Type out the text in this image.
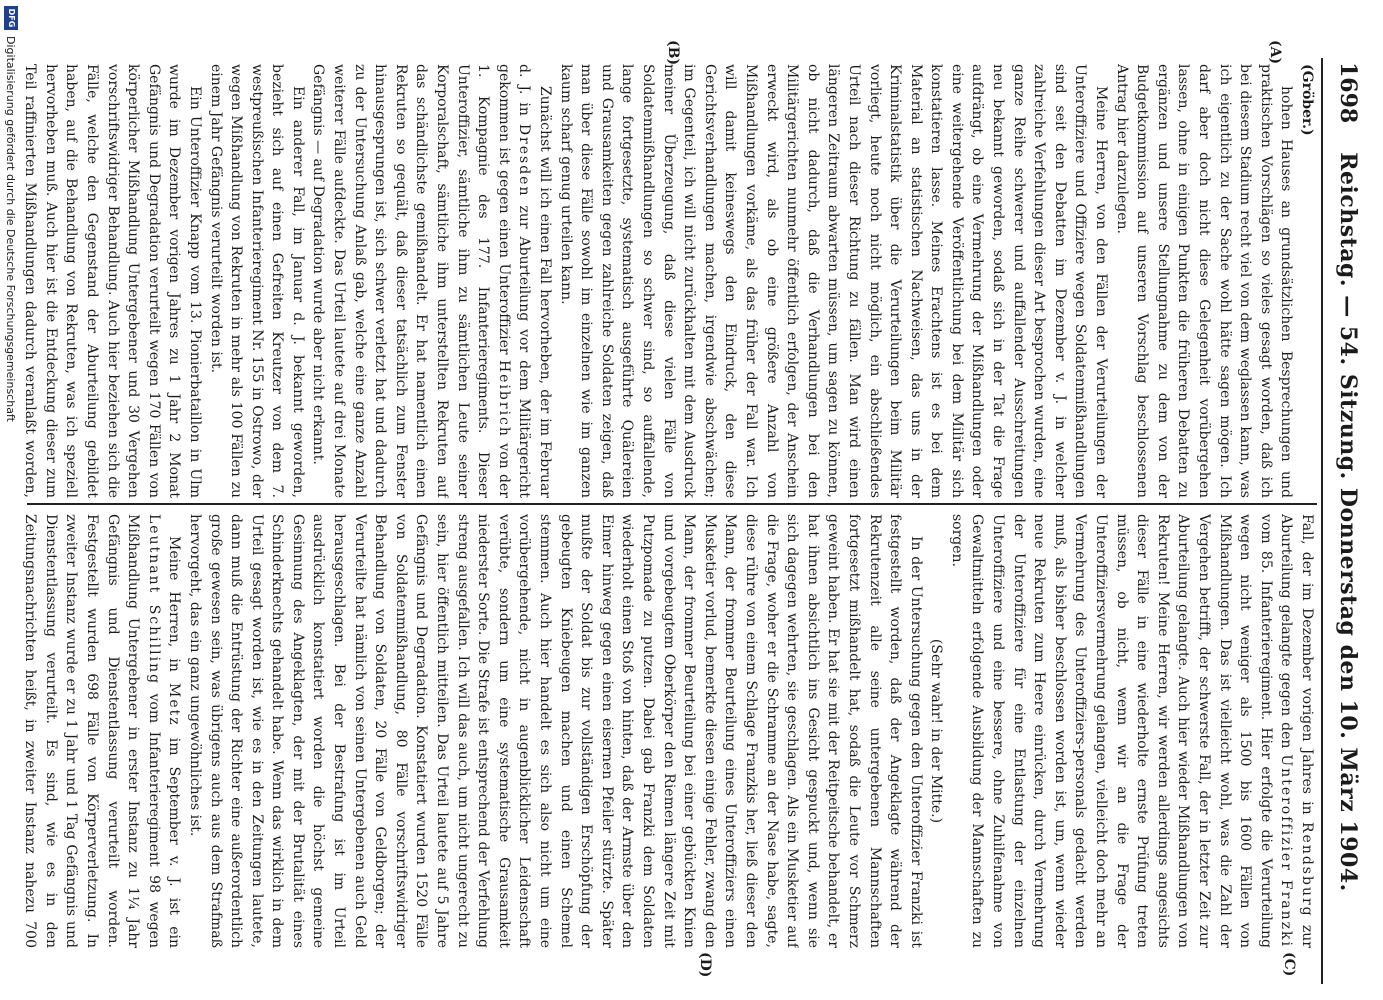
1698
Reichstag. — 54. Sitzung. Donnerstag den 10. März 1904.
(A)
(B)
(C)
(D)

(Gröber.)

hohen Hauses an grundsätzlichen Besprechungen und praktischen Vorschlägen so vieles gesagt worden, daß ich bei diesem Stadium recht viel von dem weglassen kann, was ich eigentlich zu der Sache wohl hätte sagen mögen. Ich darf aber doch nicht diese Gelegenheit vorübergehen lassen, ohne in einigen Punkten die früheren Debatten zu ergänzen und unsere Stellungnahme zu dem von der Budgetkommission auf unseren Vorschlag beschlossenen Antrag hier darzulegen.

Meine Herren, von den Fällen der Verurteilungen der Unteroffiziere und Offiziere wegen Soldatenmißhandlungen sind seit den Debatten im Dezember v. J. in welcher zahlreiche Verfehlungen dieser Art besprochen wurden, eine ganze Reihe schwerer und auffallender Ausschreitungen neu bekannt geworden, sodaß sich in der Tat die Frage aufdrängt, ob eine Vermehrung der Mißhandlungen oder eine weitergehende Veröffentlichung bei dem Militär sich konstatieren lasse. Meines Erachtens ist es bei dem Material an statistischen Nachweisen, das uns in der Kriminalstatistik über die Verurteilungen beim Militär vorliegt, heute noch nicht möglich, ein abschließendes Urteil nach dieser Richtung zu fällen. Man wird einen längeren Zeitraum abwarten müssen, um sagen zu können, ob nicht dadurch, daß die Verhandlungen bei den Militärgerichten nunmehr öffentlich erfolgen, der Anschein erweckt wird, als ob eine größere Anzahl von Mißhandlungen vorkäme, als das früher der Fall war. Ich will damit keineswegs den Eindruck, den diese Gerichtsverhandlungen machen, irgendwie abschwächen; im Gegenteil, ich will nicht zurückhalten mit dem Ausdruck meiner Überzeugung, daß diese vielen Fälle von Soldatenmißhandlungen so schwer sind, so auffallende, lange fortgesetzte, systematisch ausgeführte Quälereien und Grausamkeiten gegen zahlreiche Soldaten zeigen, daß man über diese Fälle sowohl im einzelnen wie im ganzen kaum scharf genug urteilen kann.

Zunächst will ich einen Fall hervorheben, der im Februar d. J. in Dresden zur Aburteilung vor dem Militärgericht gekommen ist gegen einen Unteroffizier Heibrich von der 1. Kompagnie des 177. Infanterieregiments. Dieser Unteroffizier, sämtliche ihm zu sämtlichen Leute seiner Korporalschaft, sämtliche ihm unterstellten Rekruten auf das schändlichste gemißhandelt. Er hat namentlich einen Rekruten so gequält, daß dieser tatsächlich zum Fenster hinausgesprungen ist, sich schwer verletzt hat und dadurch zu der Untersuchung Anlaß gab, welche eine ganze Anzahl weiterer Fälle aufdeckte. Das Urteil lautete auf drei Monate Gefängnis — auf Degradation wurde aber nicht erkannt.

Ein anderer Fall, im Januar d. J. bekannt geworden, bezieht sich auf einen Gefreiten Kreutzer von dem 7. westpreußischen Infanterieregiment Nr. 155 in Ostrowo, der wegen Mißhandlung von Rekruten in mehr als 100 Fällen zu einem Jahr Gefängnis verurteilt worden ist.

Ein Unteroffizier Knapp vom 13. Pionierbataillon in Ulm wurde im Dezember vorigen Jahres zu 1 Jahr 2 Monat Gefängnis und Degradation verurteilt wegen 170 Fällen von körperlicher Mißhandlung Untergebener und 30 Vergehen vorschriftswidriger Behandlung. Auch hier beziehen sich die Fälle, welche den Gegenstand der Aburteilung gebildet haben, auf die Behandlung von Rekruten, was ich speziell hervorheben muß. Auch hier ist die Entdeckung dieser zum Teil raffinierten Mißhandlungen dadurch veranlaßt worden,

Fall, der im Dezember vorigen Jahres in Rendsburg zur Aburteilung gelangte gegen den Unteroffizier Franzki vom 85. Infanterieregiment. Hier erfolgte die Verurteilung wegen nicht weniger als 1500 bis 1600 Fällen von Mißhandlungen. Das ist vielleicht wohl, was die Zahl der Vergehen betrifft, der schwerste Fall, der in letzter Zeit zur Aburteilung gelangte. Auch hier wieder Mißhandlungen von Rekruten! Meine Herren, wir werden allerdings angesichts dieser Fälle in eine wiederholte ernste Prüfung treten müssen, ob nicht, wenn wir an die Frage der Unteroffiziersvermehrung gelangen, vielleicht doch mehr an Vermehrung des Unteroffiziers-personals gedacht werden muß, als bisher beschlossen worden ist, um, wenn wieder neue Rekruten zum Heere einrücken, durch Vermehrung der Unteroffiziere für eine Entlastung der einzelnen Unteroffiziere und eine bessere, ohne Zuhilfenahme von Gewaltmitteln erfolgende Ausbildung der Mannschaften zu sorgen.

(Sehr wahr! in der Mitte.)

In der Untersuchung gegen den Unteroffizier Franzki ist festgestellt worden, daß der Angeklagte während der Rekrutenzeit alle seine untergebenen Mannschaften fortgesetzt mißhandelt hat, sodaß die Leute vor Schmerz geweint haben. Er hat sie mit der Reitpeitsche behandelt, er hat ihnen absichtlich ins Gesicht gespuckt und, wenn sie sich dagegen wehrten, sie geschlagen. Als ein Musketier auf die Frage, woher er die Schramme an der Nase habe, sagte, diese rühre von einem Schlage Franzkis her, ließ dieser den Mann, der frommer Beurteilung eines Unteroffiziers einen Musketier vorlud, bemerkte diesen einige Fehler, zwang den Mann, der frommer Beurteilung bei einer gebückten Knien und vorgebeugtem Oberkörper den Riemen längere Zeit mit Putzpomade zu putzen. Dabei gab Franzki dem Soldaten wiederholt einen Stoß von hinten, daß der Armste über den Eimer hinweg gegen einen eisernen Pfeiler stürzte. Später mußte der Soldat bis zur vollständigen Erschöpfung der gebeugten Kniebeugen machen und einen Schemel stemmen. Auch hier handelt es sich also nicht um eine vorübergehende, nicht in augenblicklicher Leidenschaft verübte, sondern um eine systematische Grausamkeit niederster Sorte. Die Strafe ist entsprechend der Verfehlung streng ausgefallen. Ich will das auch, um nicht ungerecht zu sein, hier öffentlich mitteilen. Das Urteil lautete auf 5 Jahre Gefängnis und Degradation. Konstatiert wurden 1520 Fälle von Soldatenmißhandlung, 80 Fälle vorschriftswidriger Behandlung von Soldaten, 20 Fälle von Geldborgen; der Verurteilte hat nämlich von seinen Untergebenen auch Geld herausgeschlagen. Bei der Bestrafung ist im Urteil ausdrücklich konstatiert worden die höchst gemeine Gesinnung des Angeklagten, der mit der Brutalität eines Schinderknechts gehandelt habe. Wenn das wirklich in dem Urteil gesagt worden ist, wie es in den Zeitungen lautete, dann muß die Entrüstung der Richter eine außerordentlich große gewesen sein, was übrigens auch aus dem Strafmaß hervorgeht, das ein ganz ungewöhnliches ist.

Meine Herren, in Metz im September v. J. ist ein Leutnant Schilling vom Infanterieregiment 98 wegen Mißhandlung Untergebener in erster Instanz zu 1¼ Jahr Gefängnis und Dienstentlassung verurteilt worden. Festgestellt wurden 698 Fälle von Körperverletzung. In zweiter Instanz wurde er zu 1 Jahr und 1 Tag Gefängnis und Dienstentlassung verurteilt. Es sind, wie es in den Zeitungsnachrichten heißt, in zweiter Instanz nahezu 700

DFG
Digitalisierung gefördert durch die Deutsche Forschungsgemeinschaft
